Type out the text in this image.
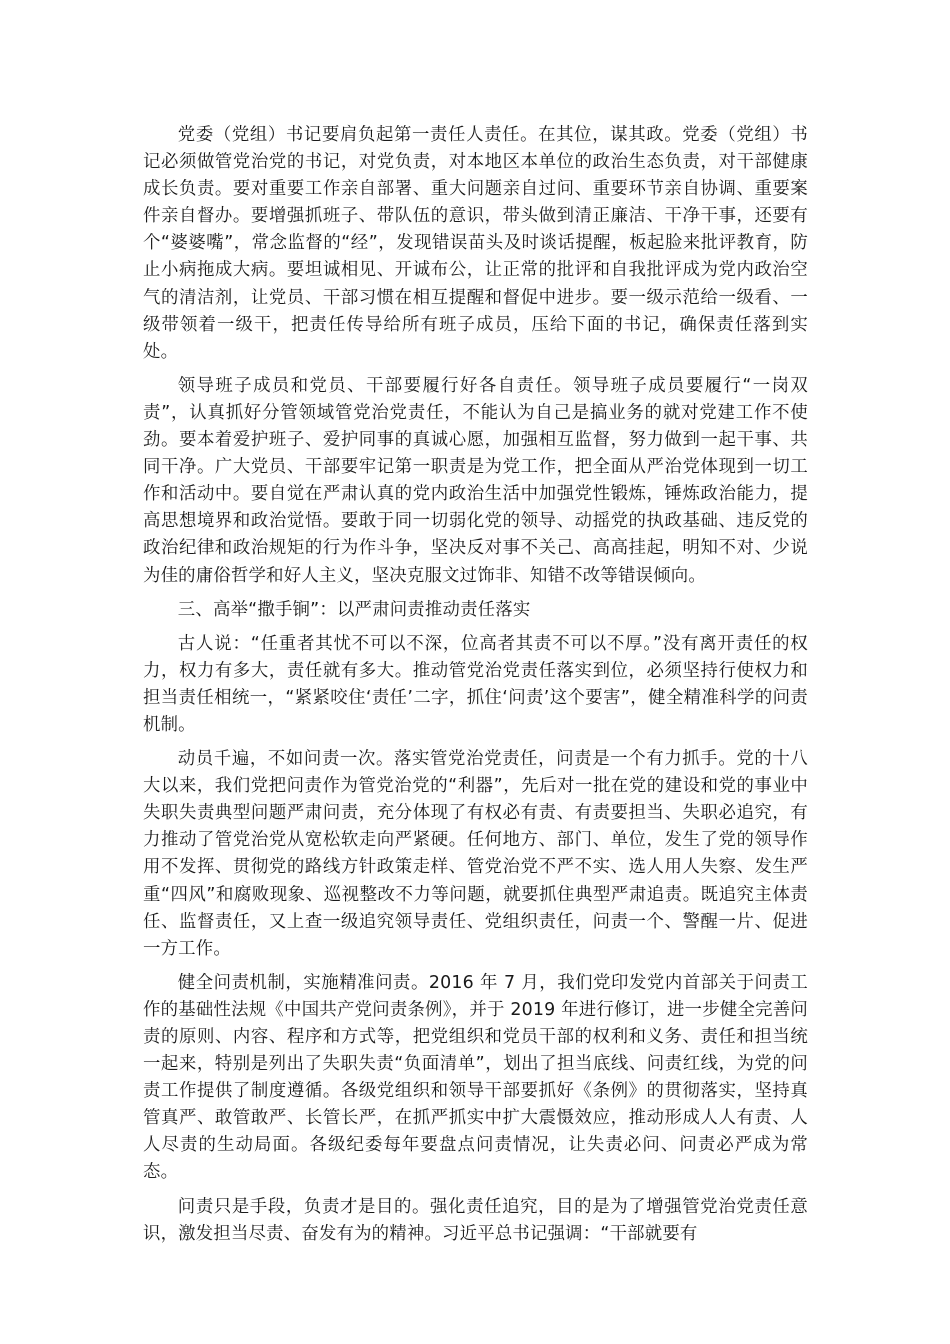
党委（党组）书记要肩负起第一责任人责任。在其位，谋其政。党委（党组）书记必须做管党治党的书记，对党负责，对本地区本单位的政治生态负责，对干部健康成长负责。要对重要工作亲自部署、重大问题亲自过问、重要环节亲自协调、重要案件亲自督办。要增强抓班子、带队伍的意识，带头做到清正廉洁、干净干事，还要有个“婆婆嘴”，常念监督的“经”，发现错误苗头及时谈话提醒，板起脸来批评教育，防止小病拖成大病。要坦诚相见、开诚布公，让正常的批评和自我批评成为党内政治空气的清洁剂，让党员、干部习惯在相互提醒和督促中进步。要一级示范给一级看、一级带领着一级干，把责任传导给所有班子成员，压给下面的书记，确保责任落到实处。

领导班子成员和党员、干部要履行好各自责任。领导班子成员要履行“一岗双责”，认真抓好分管领域管党治党责任，不能认为自己是搞业务的就对党建工作不使劲。要本着爱护班子、爱护同事的真诚心愿，加强相互监督，努力做到一起干事、共同干净。广大党员、干部要牢记第一职责是为党工作，把全面从严治党体现到一切工作和活动中。要自觉在严肃认真的党内政治生活中加强党性锻炼，锤炼政治能力，提高思想境界和政治觉悟。要敢于同一切弱化党的领导、动摇党的执政基础、违反党的政治纪律和政治规矩的行为作斗争，坚决反对事不关己、高高挂起，明知不对、少说为佳的庸俗哲学和好人主义，坚决克服文过饰非、知错不改等错误倾向。

三、高举“撒手锏”：以严肃问责推动责任落实

古人说：“任重者其忧不可以不深，位高者其责不可以不厚。”没有离开责任的权力，权力有多大，责任就有多大。推动管党治党责任落实到位，必须坚持行使权力和担当责任相统一，“紧紧咬住‘责任’二字，抓住‘问责’这个要害”，健全精准科学的问责机制。

动员千遍，不如问责一次。落实管党治党责任，问责是一个有力抓手。党的十八大以来，我们党把问责作为管党治党的“利器”，先后对一批在党的建设和党的事业中失职失责典型问题严肃问责，充分体现了有权必有责、有责要担当、失职必追究，有力推动了管党治党从宽松软走向严紧硬。任何地方、部门、单位，发生了党的领导作用不发挥、贯彻党的路线方针政策走样、管党治党不严不实、选人用人失察、发生严重“四风”和腐败现象、巡视整改不力等问题，就要抓住典型严肃追责。既追究主体责任、监督责任，又上查一级追究领导责任、党组织责任，问责一个、警醒一片、促进一方工作。

健全问责机制，实施精准问责。2016 年 7 月，我们党印发党内首部关于问责工作的基础性法规《中国共产党问责条例》，并于 2019 年进行修订，进一步健全完善问责的原则、内容、程序和方式等，把党组织和党员干部的权利和义务、责任和担当统一起来，特别是列出了失职失责“负面清单”，划出了担当底线、问责红线，为党的问责工作提供了制度遵循。各级党组织和领导干部要抓好《条例》的贯彻落实，坚持真管真严、敢管敢严、长管长严，在抓严抓实中扩大震慑效应，推动形成人人有责、人人尽责的生动局面。各级纪委每年要盘点问责情况，让失责必问、问责必严成为常态。

问责只是手段，负责才是目的。强化责任追究，目的是为了增强管党治党责任意识，激发担当尽责、奋发有为的精神。习近平总书记强调：“干部就要有
